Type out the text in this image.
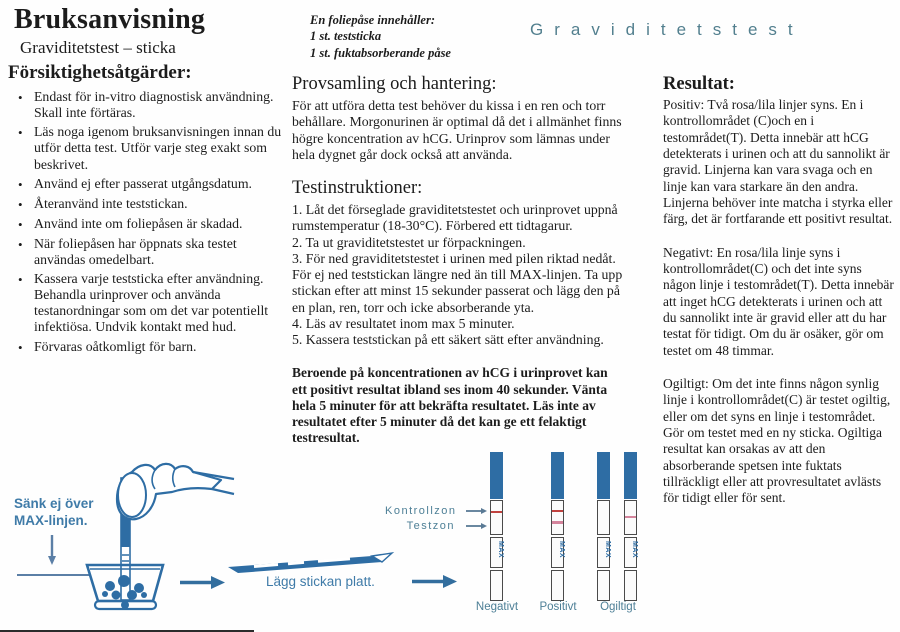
Bruksanvisning
Graviditetstest – sticka
En foliepåse innehåller:
1 st. teststicka
1 st. fuktabsorberande påse
Graviditetstest
Försiktighetsåtgärder:
• Endast för in-vitro diagnostisk användning. Skall inte förtäras.
• Läs noga igenom bruksanvisningen innan du utför detta test. Utför varje steg exakt som beskrivet.
• Använd ej efter passerat utgångsdatum.
• Återanvänd inte teststickan.
• Använd inte om foliepåsen är skadad.
• När foliepåsen har öppnats ska testet användas omedelbart.
• Kassera varje teststicka efter användning. Behandla urinprover och använda testanordningar som om det var potentiellt infektiösa. Undvik kontakt med hud.
• Förvaras oåtkomligt för barn.
Provsamling och hantering:

För att utföra detta test behöver du kissa i en ren och torr behållare. Morgonurinen är optimal då det i allmänhet finns högre koncentration av hCG. Urinprov som lämnas under hela dygnet går dock också att använda.

Testinstruktioner:
1. Låt det förseglade graviditetstestet och urinprovet uppnå rumstemperatur (18-30°C). Förbered ett tidtagarur.
2. Ta ut graviditetstestet ur förpackningen.
3. För ned graviditetstestet i urinen med pilen riktad nedåt. För ej ned teststickan längre ned än till MAX-linjen. Ta upp stickan efter att minst 15 sekunder passerat och lägg den på en plan, ren, torr och icke absorberande yta.
4. Läs av resultatet inom max 5 minuter.
5. Kassera teststickan på ett säkert sätt efter användning.
Beroende på koncentrationen av hCG i urinprovet kan ett positivt resultat ibland ses inom 40 sekunder. Vänta hela 5 minuter för att bekräfta resultatet. Läs inte av resultatet efter 5 minuter då det kan ge ett felaktigt testresultat.
Resultat:

Positiv: Två rosa/lila linjer syns. En i kontrollområdet (C)och en i testområdet(T). Detta innebär att hCG detekterats i urinen och att du sannolikt är gravid. Linjerna kan vara svaga och en linje kan vara starkare än den andra. Linjerna behöver inte matcha i styrka eller färg, det är fortfarande ett positivt resultat.

Negativt: En rosa/lila linje syns i kontrollområdet(C) och det inte syns någon linje i testområdet(T). Detta innebär att inget hCG detekterats i urinen och att du sannolikt inte är gravid eller att du har testat för tidigt. Om du är osäker, gör om testet om 48 timmar.

Ogiltigt: Om det inte finns någon synlig linje i kontrollområdet(C) är testet ogiltig, eller om det syns en linje i testområdet. Gör om testet med en ny sticka. Ogiltiga resultat kan orsakas av att den absorberande spetsen inte fuktats tillräckligt eller att provresultatet avlästs för tidigt eller för sent.

Sänk ej över
MAX-linjen.
Lägg stickan platt.
Kontrollzon
Testzon
MAX	MAX	MAX	MAX
Negativt	Positivt	Ogiltigt
